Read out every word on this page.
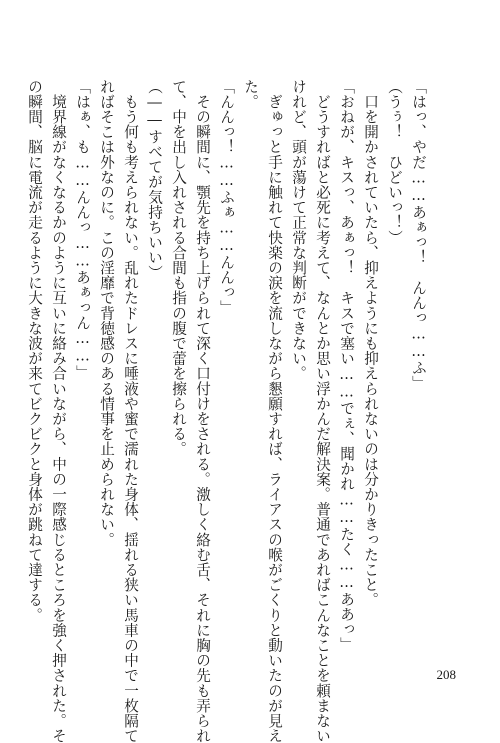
「はっ、やだ……あぁっ！　んんっ……ふ」
（うぅ！　ひどいっ！）
　口を開かされていたら、抑えようにも抑えられないのは分かりきったこと。
「おねが、キスっ、あぁっ！　キスで塞い……でぇ、聞かれ……たく……ああっ」
　どうすればと必死に考えて、なんとか思い浮かんだ解決案。普通であればこんなことを頼まない
けれど、頭が蕩けて正常な判断ができない。
　ぎゅっと手に触れて快楽の涙を流しながら懇願すれば、ライアスの喉がごくりと動いたのが見え
た。
「んんっ！……ふぁ……んんっ」
　その瞬間に、顎先を持ち上げられて深く口付けをされる。激しく絡む舌、それに胸の先も弄られ
て、中を出し入れされる合間も指の腹で蕾を擦られる。
（――すべてが気持ちいい）
　もう何も考えられない。乱れたドレスに唾液や蜜で濡れた身体、揺れる狭い馬車の中で一枚隔て
ればそこは外なのに。この淫靡で背徳感のある情事を止められない。
「はぁ、も……んんっ……あぁっん……」
　境界線がなくなるかのように互いに絡み合いながら、中の一際感じるところを強く押された。そ
の瞬間、脳に電流が走るように大きな波が来てビクビクと身体が跳ねて達する。
208
